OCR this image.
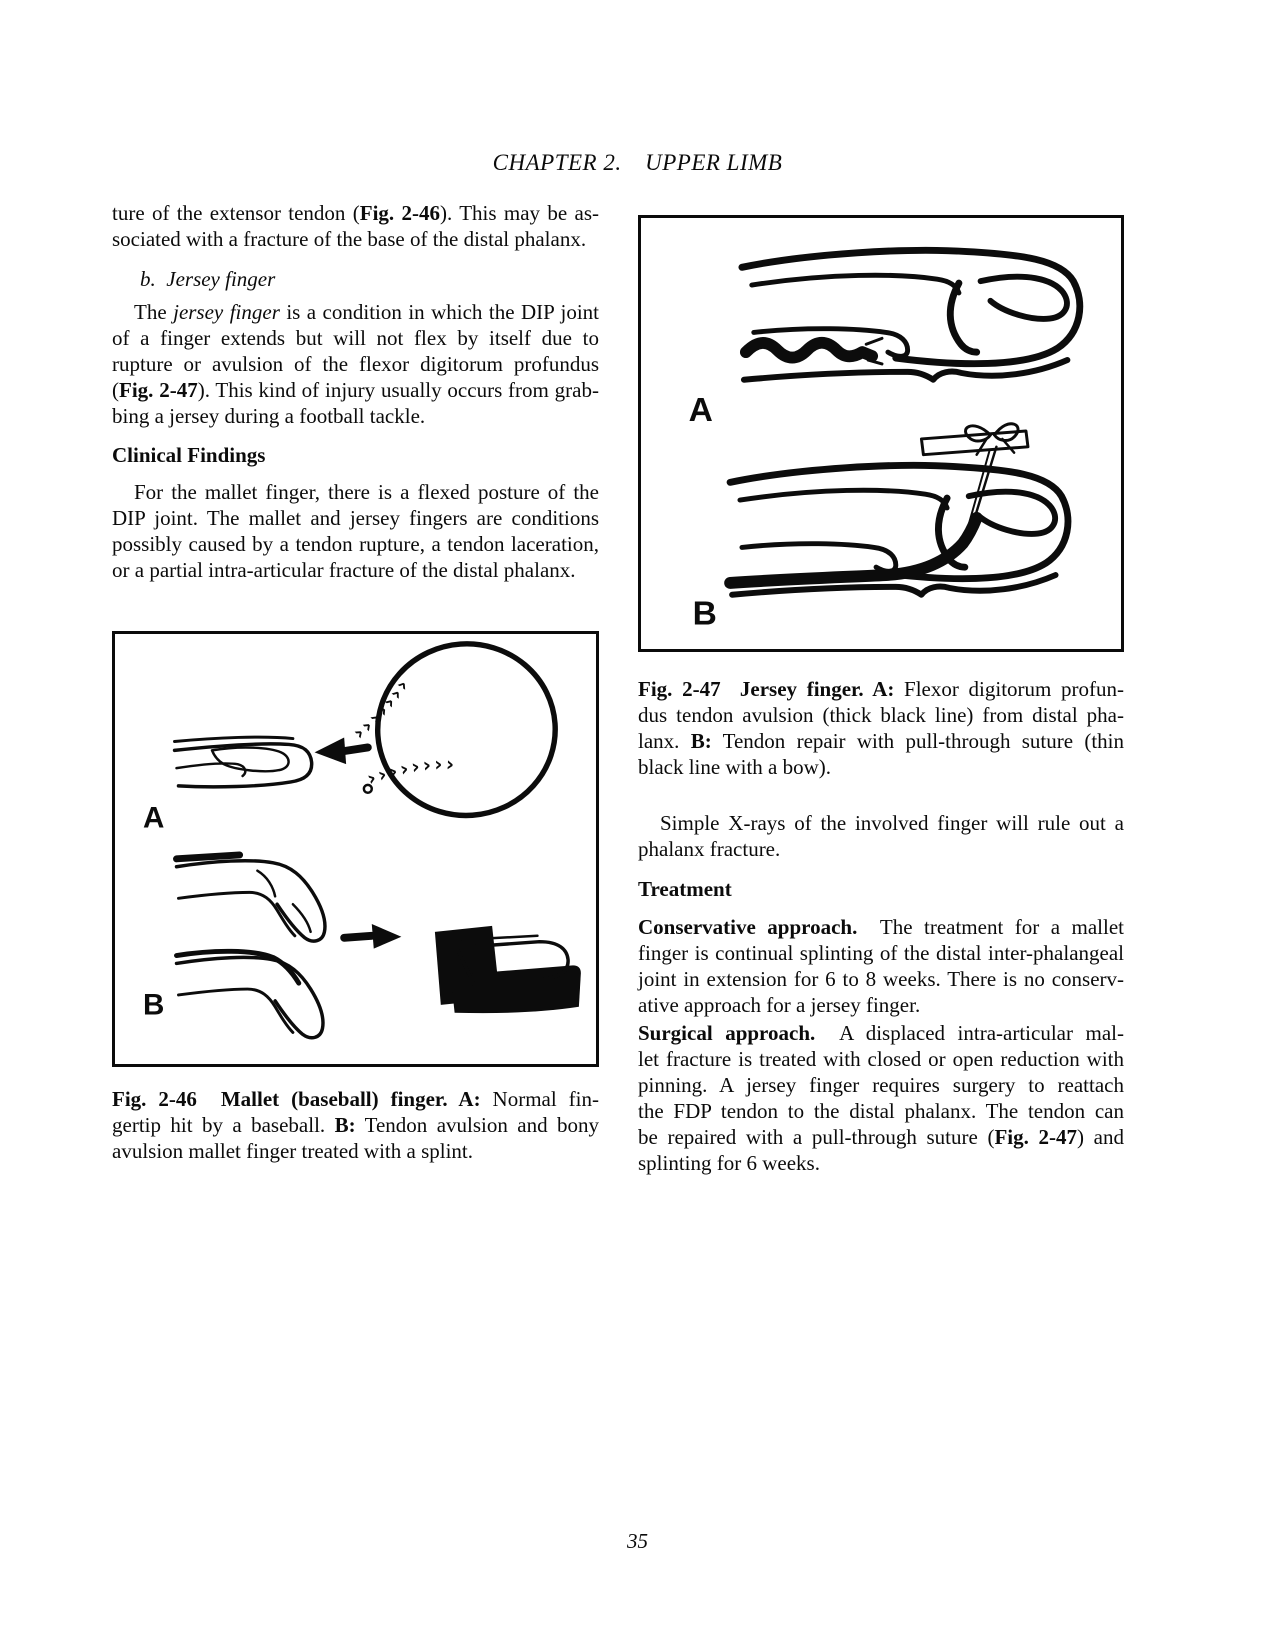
CHAPTER 2. UPPER LIMB
ture of the extensor tendon (Fig. 2-46). This may be as-
sociated with a fracture of the base of the distal phalanx.
b.  Jersey finger
The jersey finger is a condition in which the DIP joint
of a finger extends but will not flex by itself due to
rupture or avulsion of the flexor digitorum profundus
(Fig. 2-47). This kind of injury usually occurs from grab-
bing a jersey during a football tackle.
Clinical Findings
For the mallet finger, there is a flexed posture of the
DIP joint. The mallet and jersey fingers are conditions
possibly caused by a tendon rupture, a tendon laceration,
or a partial intra-articular fracture of the distal phalanx.
›››››››
››››››››
A
B
Fig. 2-46  Mallet (baseball) finger. A: Normal fin-
gertip hit by a baseball. B: Tendon avulsion and bony
avulsion mallet finger treated with a splint.
A
B
Fig. 2-47  Jersey finger. A: Flexor digitorum profun-
dus tendon avulsion (thick black line) from distal pha-
lanx. B: Tendon repair with pull-through suture (thin
black line with a bow).
Simple X-rays of the involved finger will rule out a
phalanx fracture.
Treatment
Conservative approach.  The treatment for a mallet
finger is continual splinting of the distal inter-phalangeal
joint in extension for 6 to 8 weeks. There is no conserv-
ative approach for a jersey finger.
Surgical approach.  A displaced intra-articular mal-
let fracture is treated with closed or open reduction with
pinning. A jersey finger requires surgery to reattach
the FDP tendon to the distal phalanx. The tendon can
be repaired with a pull-through suture (Fig. 2-47) and
splinting for 6 weeks.
35
